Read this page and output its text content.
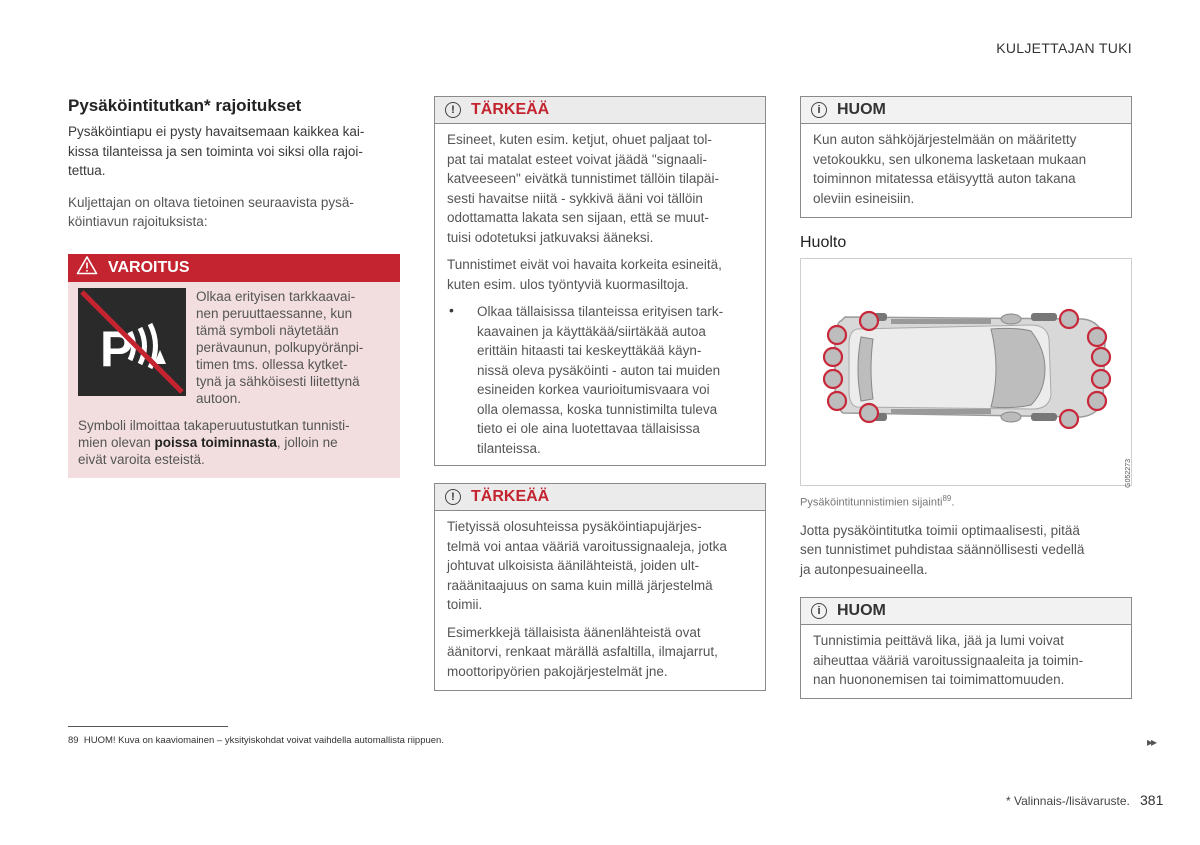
KULJETTAJAN TUKI
Pysäköintitutkan* rajoitukset

Pysäköintiapu ei pysty havaitsemaan kaikkea kai-
kissa tilanteissa ja sen toiminta voi siksi olla rajoi-
tettua.

Kuljettajan on oltava tietoinen seuraavista pysä-
köintiavun rajoituksista:

VAROITUS
P

Olkaa erityisen tarkkaavai-
nen peruuttaessanne, kun
tämä symboli näytetään
perävaunun, polkupyöränpi-
timen tms. ollessa kytket-
tynä ja sähköisesti liitettynä
autoon.

Symboli ilmoittaa takaperuutustutkan tunnisti-
mien olevan poissa toiminnasta, jolloin ne
eivät varoita esteistä.

!	TÄRKEÄÄ

Esineet, kuten esim. ketjut, ohuet paljaat tol-
pat tai matalat esteet voivat jäädä "signaali-
katveeseen" eivätkä tunnistimet tällöin tilapäi-
sesti havaitse niitä - sykkivä ääni voi tällöin
odottamatta lakata sen sijaan, että se muut-
tuisi odotetuksi jatkuvaksi ääneksi.

Tunnistimet eivät voi havaita korkeita esineitä,
kuten esim. ulos työntyviä kuormasiltoja.

•	Olkaa tällaisissa tilanteissa erityisen tark-
kaavainen ja käyttäkää/siirtäkää autoa
erittäin hitaasti tai keskeyttäkää käyn-
nissä oleva pysäköinti - auton tai muiden
esineiden korkea vaurioitumisvaara voi
olla olemassa, koska tunnistimilta tuleva
tieto ei ole aina luotettavaa tällaisissa
tilanteissa.

!	TÄRKEÄÄ

Tietyissä olosuhteissa pysäköintiapujärjes-
telmä voi antaa vääriä varoitussignaaleja, jotka
johtuvat ulkoisista äänilähteistä, joiden ult-
raäänitaajuus on sama kuin millä järjestelmä
toimii.

Esimerkkejä tällaisista äänenlähteistä ovat
äänitorvi, renkaat märällä asfaltilla, ilmajarrut,
moottoripyörien pakojärjestelmät jne.

i	HUOM

Kun auton sähköjärjestelmään on määritetty
vetokoukku, sen ulkonema lasketaan mukaan
toiminnon mitatessa etäisyyttä auton takana
oleviin esineisiin.

Huolto
G052273
Pysäköintitunnistimien sijainti$^{89}$.

Jotta pysäköintitutka toimii optimaalisesti, pitää
sen tunnistimet puhdistaa säännöllisesti vedellä
ja autonpesuaineella.

i	HUOM

Tunnistimia peittävä lika, jää ja lumi voivat
aiheuttaa vääriä varoitussignaaleita ja toimin-
nan huononemisen tai toimimattomuuden.

89 HUOM! Kuva on kaaviomainen – yksityiskohdat voivat vaihdella automallista riippuen.	▸▸
* Valinnais-/lisävaruste. 381
